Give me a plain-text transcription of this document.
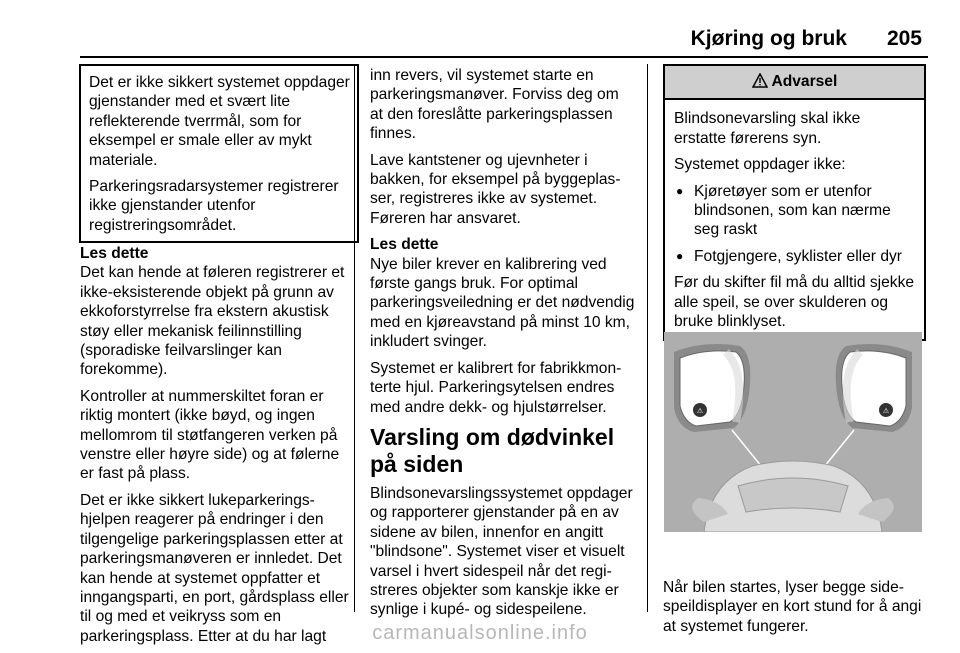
Kjøring og bruk 205

Det er ikke sikkert systemet oppdager gjenstander med et svært lite reflekterende tverrmål, som for eksempel er smale eller av mykt materiale.

Parkeringsradarsystemer registrerer ikke gjenstander utenfor registreringsområdet.

Les dette

Det kan hende at føleren registrerer et ikke-eksisterende objekt på grunn av ekkoforstyrrelse fra ekstern akustisk støy eller mekanisk feilinnstilling (sporadiske feilvarslinger kan forekomme).

Kontroller at nummerskiltet foran er riktig montert (ikke bøyd, og ingen mellomrom til støtfangeren verken på venstre eller høyre side) og at følerne er fast på plass.

Det er ikke sikkert lukeparkeringshjelpen reagerer på endringer i den tilgengelige parkeringsplassen etter at parkeringsmanøveren er innledet. Det kan hende at systemet oppfatter et inngangsparti, en port, gårdsplass eller til og med et veikryss som en parkeringsplass. Etter at du har lagt

inn revers, vil systemet starte en parkeringsmanøver. Forviss deg om at den foreslåtte parkeringsplassen finnes.

Lave kantstener og ujevnheter i bakken, for eksempel på byggeplasser, registreres ikke av systemet. Føreren har ansvaret.

Les dette

Nye biler krever en kalibrering ved første gangs bruk. For optimal parkeringsveiledning er det nødvendig med en kjøreavstand på minst 10 km, inkludert svinger.

Systemet er kalibrert for fabrikkmonterte hjul. Parkeringsytelsen endres med andre dekk- og hjulstørrelser.

Varsling om dødvinkel på siden

Blindsonevarslingssystemet oppdager og rapporterer gjenstander på en av sidene av bilen, innenfor en angitt "blindsone". Systemet viser et visuelt varsel i hvert sidespeil når det registreres objekter som kanskje ikke er synlige i kupé- og sidespeilene.

Advarsel

Blindsonevarsling skal ikke erstatte førerens syn.

Systemet oppdager ikke:

● Kjøretøyer som er utenfor blindsonen, som kan nærme seg raskt
● Fotgjengere, syklister eller dyr

Før du skifter fil må du alltid sjekke alle speil, se over skulderen og bruke blinklyset.

⚠	⚠
Når bilen startes, lyser begge sidespeildisplayer en kort stund for å angi at systemet fungerer.
carmanualsonline.info
